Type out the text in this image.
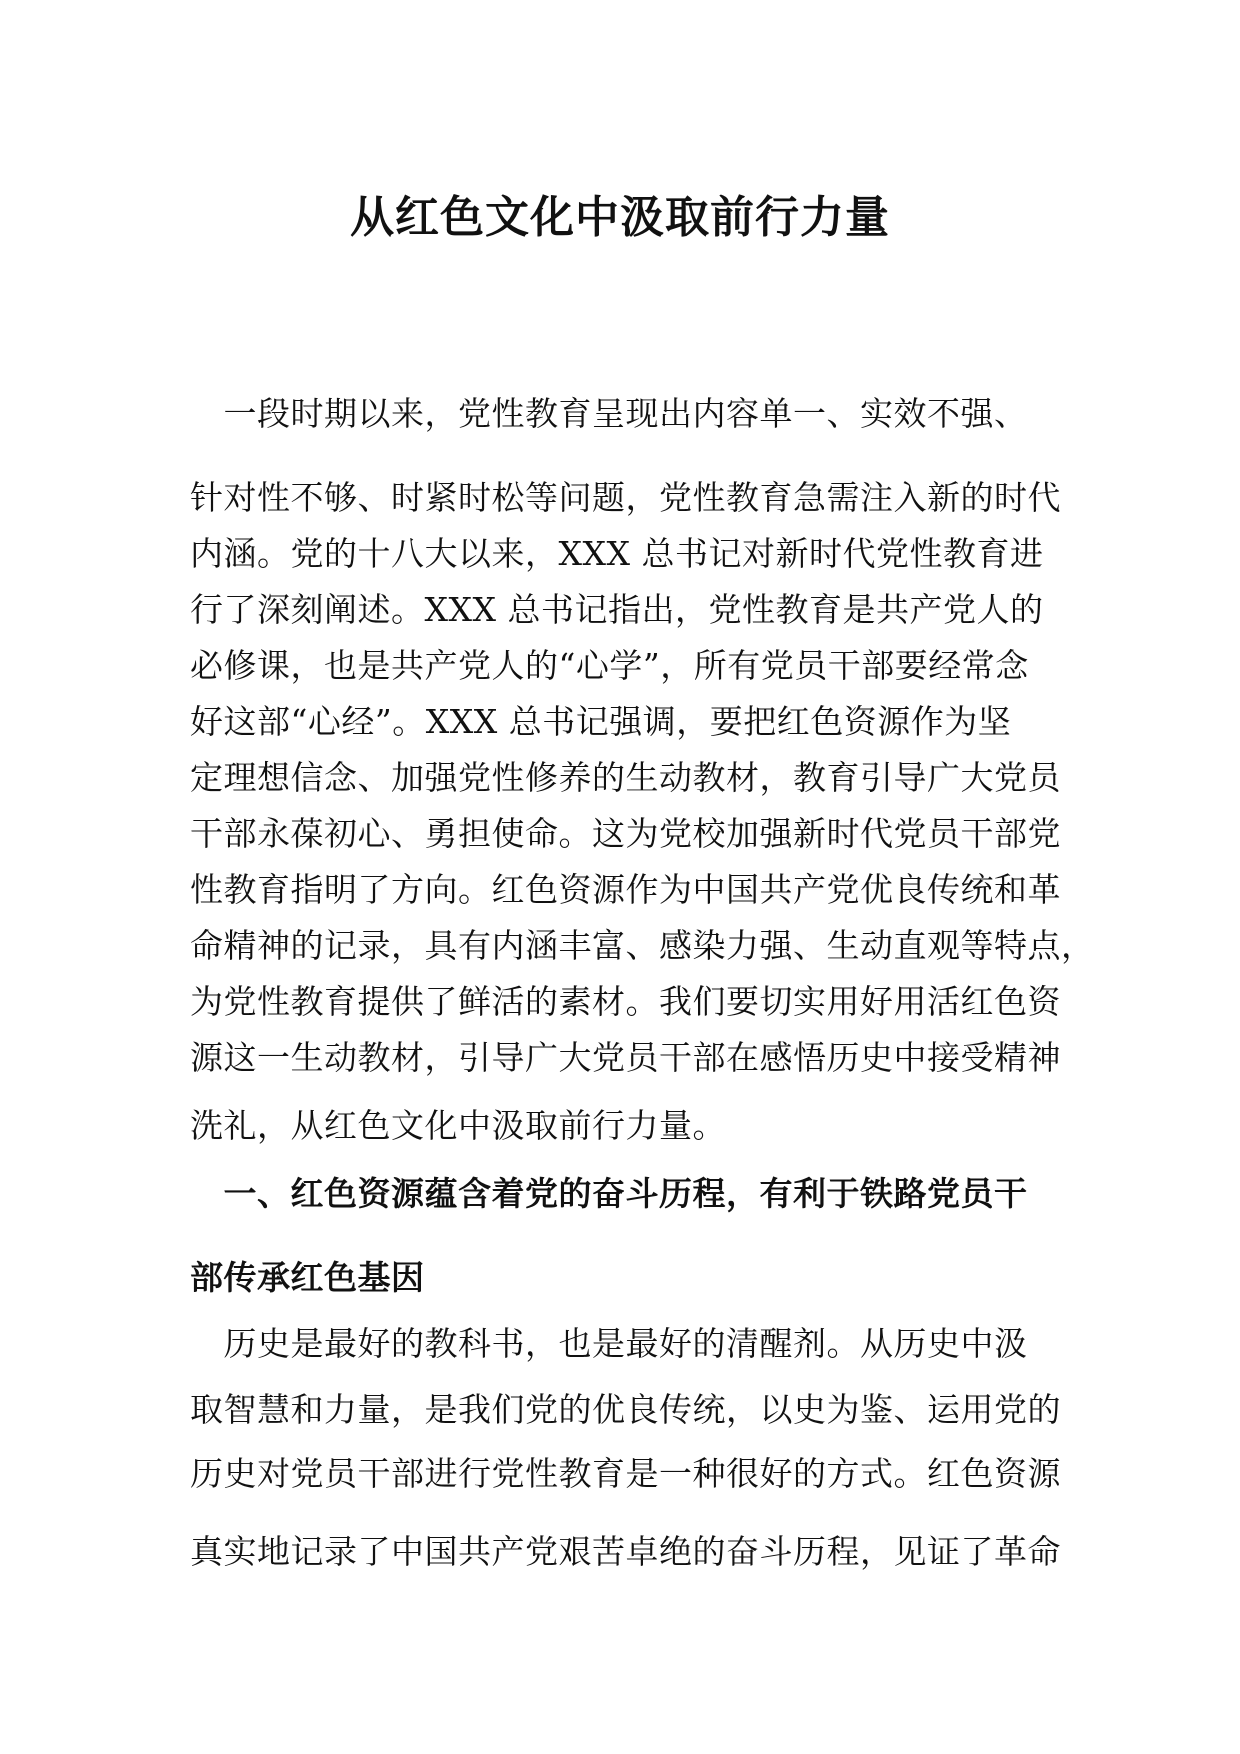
从红色文化中汲取前行力量
　一段时期以来，党性教育呈现出内容单一、实效不强、
针对性不够、时紧时松等问题，党性教育急需注入新的时代
内涵。党的十八大以来，XXX 总书记对新时代党性教育进
行了深刻阐述。XXX 总书记指出，党性教育是共产党人的
必修课，也是共产党人的“心学”，所有党员干部要经常念
好这部“心经”。XXX 总书记强调，要把红色资源作为坚
定理想信念、加强党性修养的生动教材，教育引导广大党员
干部永葆初心、勇担使命。这为党校加强新时代党员干部党
性教育指明了方向。红色资源作为中国共产党优良传统和革
命精神的记录，具有内涵丰富、感染力强、生动直观等特点，
为党性教育提供了鲜活的素材。我们要切实用好用活红色资
源这一生动教材，引导广大党员干部在感悟历史中接受精神
洗礼，从红色文化中汲取前行力量。
　一、红色资源蕴含着党的奋斗历程，有利于铁路党员干
部传承红色基因
　历史是最好的教科书，也是最好的清醒剂。从历史中汲
取智慧和力量，是我们党的优良传统，以史为鉴、运用党的
历史对党员干部进行党性教育是一种很好的方式。红色资源
真实地记录了中国共产党艰苦卓绝的奋斗历程，见证了革命
